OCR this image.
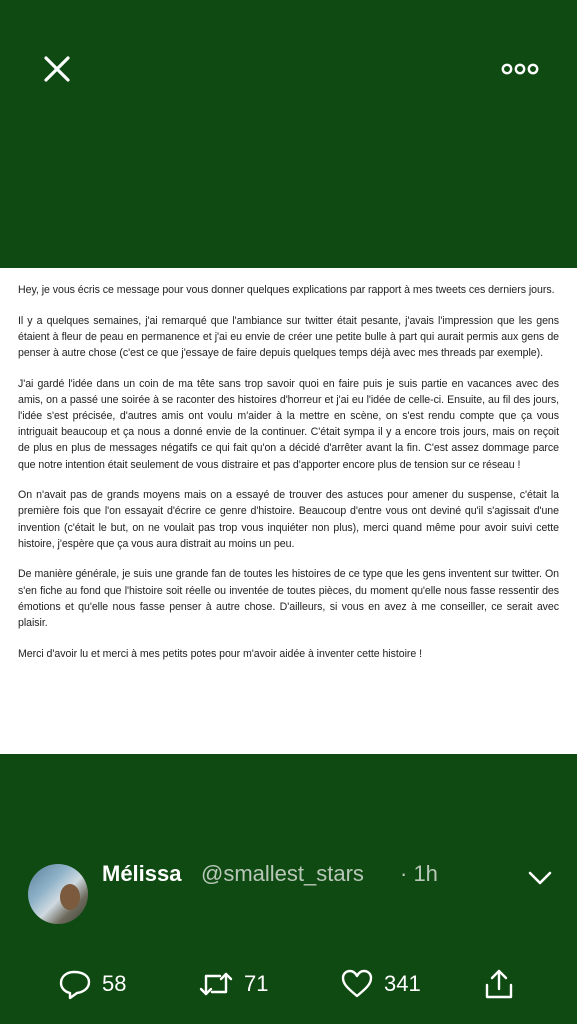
Hey, je vous écris ce message pour vous donner quelques explications par rapport à mes tweets ces derniers jours.

Il y a quelques semaines, j'ai remarqué que l'ambiance sur twitter était pesante, j'avais l'impression que les gens étaient à fleur de peau en permanence et j'ai eu envie de créer une petite bulle à part qui aurait permis aux gens de penser à autre chose (c'est ce que j'essaye de faire depuis quelques temps déjà avec mes threads par exemple).

J'ai gardé l'idée dans un coin de ma tête sans trop savoir quoi en faire puis je suis partie en vacances avec des amis, on a passé une soirée à se raconter des histoires d'horreur et j'ai eu l'idée de celle-ci. Ensuite, au fil des jours, l'idée s'est précisée, d'autres amis ont voulu m'aider à la mettre en scène, on s'est rendu compte que ça vous intriguait beaucoup et ça nous a donné envie de la continuer. C'était sympa il y a encore trois jours, mais on reçoit de plus en plus de messages négatifs ce qui fait qu'on a décidé d'arrêter avant la fin. C'est assez dommage parce que notre intention était seulement de vous distraire et pas d'apporter encore plus de tension sur ce réseau !

On n'avait pas de grands moyens mais on a essayé de trouver des astuces pour amener du suspense, c'était la première fois que l'on essayait d'écrire ce genre d'histoire. Beaucoup d'entre vous ont deviné qu'il s'agissait d'une invention (c'était le but, on ne voulait pas trop vous inquiéter non plus), merci quand même pour avoir suivi cette histoire, j'espère que ça vous aura distrait au moins un peu.

De manière générale, je suis une grande fan de toutes les histoires de ce type que les gens inventent sur twitter. On s'en fiche au fond que l'histoire soit réelle ou inventée de toutes pièces, du moment qu'elle nous fasse ressentir des émotions et qu'elle nous fasse penser à autre chose. D'ailleurs, si vous en avez à me conseiller, ce serait avec plaisir.

Merci d'avoir lu et merci à mes petits potes pour m'avoir aidée à inventer cette histoire !

Mélissa @smallest_stars · 1h
58	71	341
